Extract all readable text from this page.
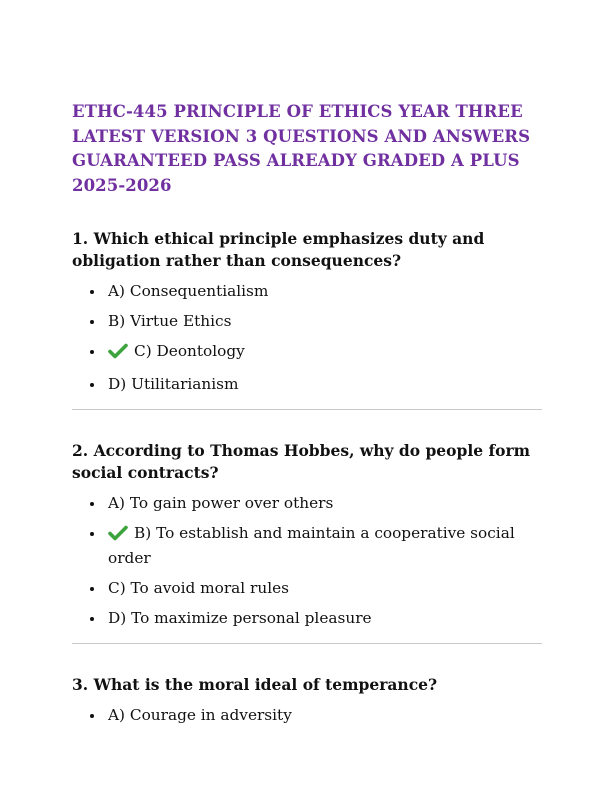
ETHC-445 PRINCIPLE OF ETHICS YEAR THREE LATEST VERSION 3 QUESTIONS AND ANSWERS GUARANTEED PASS ALREADY GRADED A PLUS 2025-2026

1. Which ethical principle emphasizes duty and obligation rather than consequences?

A) Consequentialism
B) Virtue Ethics
C) Deontology
D) Utilitarianism

2. According to Thomas Hobbes, why do people form social contracts?

A) To gain power over others
B) To establish and maintain a cooperative social order
C) To avoid moral rules
D) To maximize personal pleasure

3. What is the moral ideal of temperance?

A) Courage in adversity
